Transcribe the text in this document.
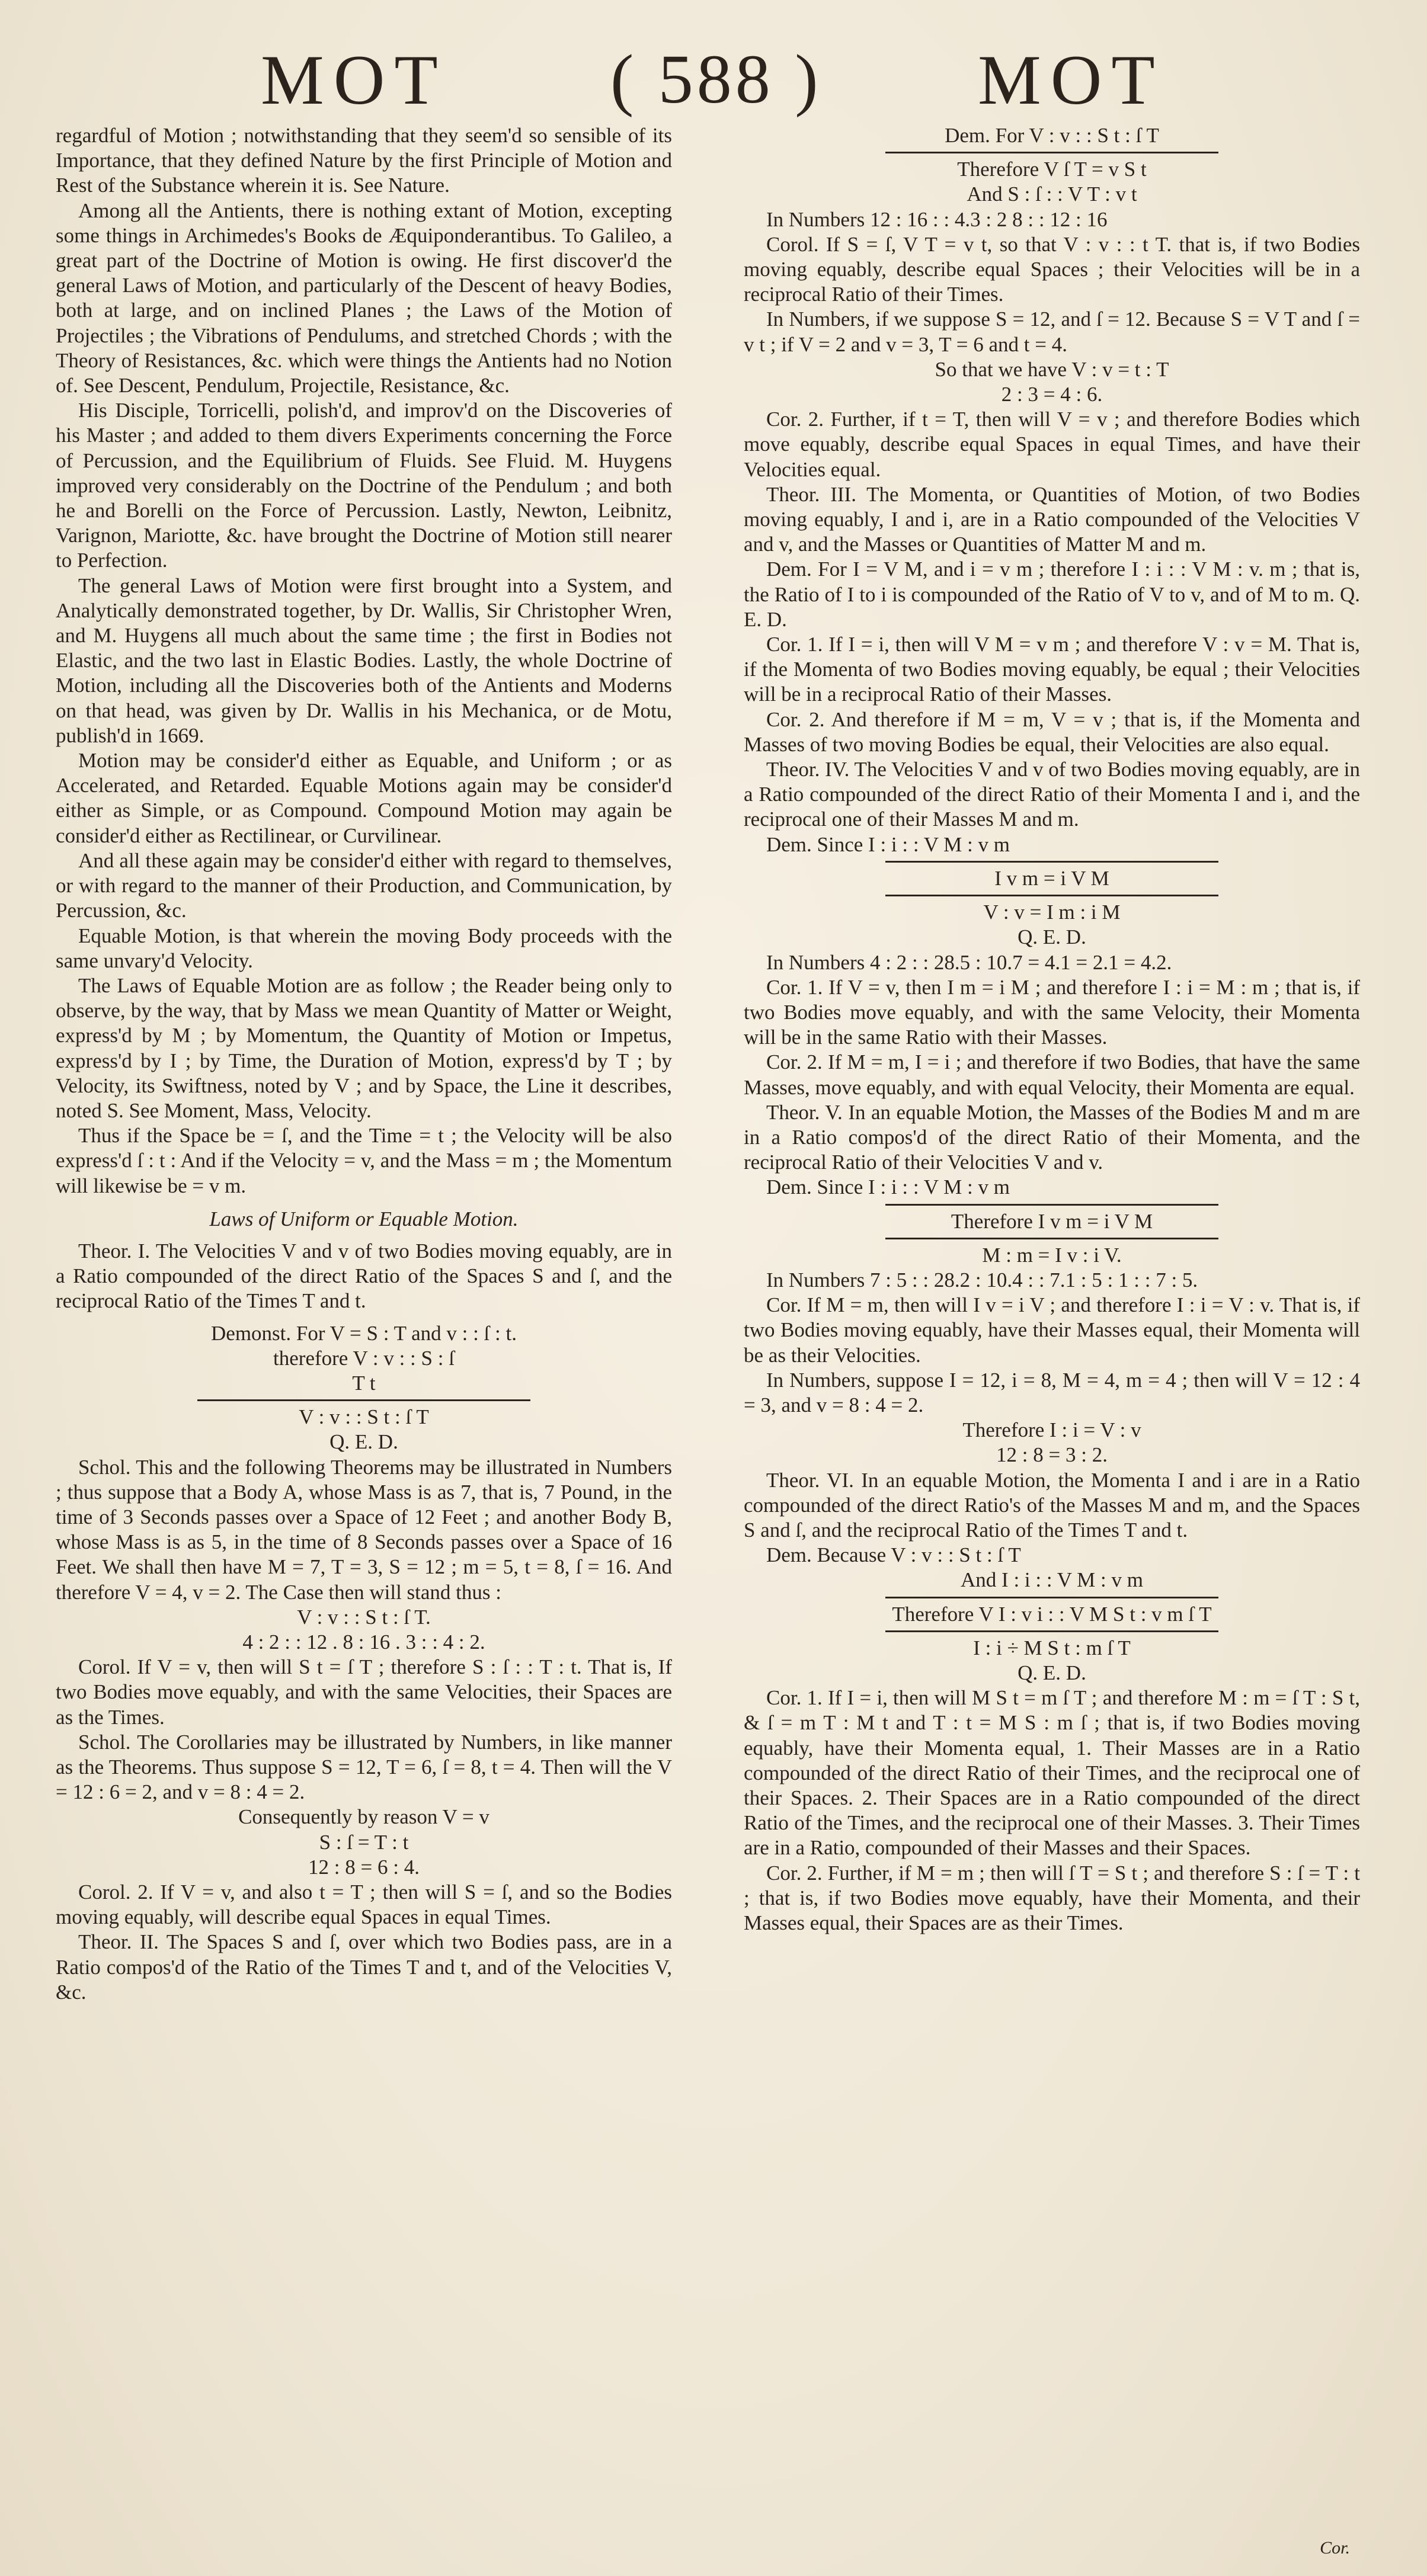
MOT ( 588 ) MOT

regardful of Motion ; notwithstanding that they seem'd so sensible of its Importance, that they defined Nature by the first Principle of Motion and Rest of the Substance wherein it is. See Nature.

Among all the Antients, there is nothing extant of Motion, excepting some things in Archimedes's Books de Æquiponderantibus. To Galileo, a great part of the Doctrine of Motion is owing. He first discover'd the general Laws of Motion, and particularly of the Descent of heavy Bodies, both at large, and on inclined Planes ; the Laws of the Motion of Projectiles ; the Vibrations of Pendulums, and stretched Chords ; with the Theory of Resistances, &c. which were things the Antients had no Notion of. See Descent, Pendulum, Projectile, Resistance, &c.

His Disciple, Torricelli, polish'd, and improv'd on the Discoveries of his Master ; and added to them divers Experiments concerning the Force of Percussion, and the Equilibrium of Fluids. See Fluid. M. Huygens improved very considerably on the Doctrine of the Pendulum ; and both he and Borelli on the Force of Percussion. Lastly, Newton, Leibnitz, Varignon, Mariotte, &c. have brought the Doctrine of Motion still nearer to Perfection.

The general Laws of Motion were first brought into a System, and Analytically demonstrated together, by Dr. Wallis, Sir Christopher Wren, and M. Huygens all much about the same time ; the first in Bodies not Elastic, and the two last in Elastic Bodies. Lastly, the whole Doctrine of Motion, including all the Discoveries both of the Antients and Moderns on that head, was given by Dr. Wallis in his Mechanica, or de Motu, publish'd in 1669.

Motion may be consider'd either as Equable, and Uniform ; or as Accelerated, and Retarded. Equable Motions again may be consider'd either as Simple, or as Compound. Compound Motion may again be consider'd either as Rectilinear, or Curvilinear.

And all these again may be consider'd either with regard to themselves, or with regard to the manner of their Production, and Communication, by Percussion, &c.

Equable Motion, is that wherein the moving Body proceeds with the same unvary'd Velocity.

The Laws of Equable Motion are as follow ; the Reader being only to observe, by the way, that by Mass we mean Quantity of Matter or Weight, express'd by M ; by Momentum, the Quantity of Motion or Impetus, express'd by I ; by Time, the Duration of Motion, express'd by T ; by Velocity, its Swiftness, noted by V ; and by Space, the Line it describes, noted S. See Moment, Mass, Velocity.

Thus if the Space be = ſ, and the Time = t ; the Velocity will be also express'd ſ : t : And if the Velocity = v, and the Mass = m ; the Momentum will likewise be = v m.

Laws of Uniform or Equable Motion.

Theor. I. The Velocities V and v of two Bodies moving equably, are in a Ratio compounded of the direct Ratio of the Spaces S and ſ, and the reciprocal Ratio of the Times T and t.

Demonst. For V = S : T and v : : ſ : t.

therefore V : v : : S : ſ

T t

V : v : : S t : ſ T

Q. E. D.

Schol. This and the following Theorems may be illustrated in Numbers ; thus suppose that a Body A, whose Mass is as 7, that is, 7 Pound, in the time of 3 Seconds passes over a Space of 12 Feet ; and another Body B, whose Mass is as 5, in the time of 8 Seconds passes over a Space of 16 Feet. We shall then have M = 7, T = 3, S = 12 ; m = 5, t = 8, ſ = 16. And therefore V = 4, v = 2. The Case then will stand thus :

V : v : : S t : ſ T.

4 : 2 : : 12 . 8 : 16 . 3 : : 4 : 2.

Corol. If V = v, then will S t = ſ T ; therefore S : ſ : : T : t. That is, If two Bodies move equably, and with the same Velocities, their Spaces are as the Times.

Schol. The Corollaries may be illustrated by Numbers, in like manner as the Theorems. Thus suppose S = 12, T = 6, ſ = 8, t = 4. Then will the V = 12 : 6 = 2, and v = 8 : 4 = 2.

Consequently by reason V = v

S : ſ = T : t

12 : 8 = 6 : 4.

Corol. 2. If V = v, and also t = T ; then will S = ſ, and so the Bodies moving equably, will describe equal Spaces in equal Times.

Theor. II. The Spaces S and ſ, over which two Bodies pass, are in a Ratio compos'd of the Ratio of the Times T and t, and of the Velocities V, &c.

Dem. For V : v : : S t : ſ T

Therefore V ſ T = v S t

And S : ſ : : V T : v t

In Numbers 12 : 16 : : 4.3 : 2 8 : : 12 : 16

Corol. If S = ſ, V T = v t, so that V : v : : t T. that is, if two Bodies moving equably, describe equal Spaces ; their Velocities will be in a reciprocal Ratio of their Times.

In Numbers, if we suppose S = 12, and ſ = 12. Because S = V T and ſ = v t ; if V = 2 and v = 3, T = 6 and t = 4.

So that we have V : v = t : T

2 : 3 = 4 : 6.

Cor. 2. Further, if t = T, then will V = v ; and therefore Bodies which move equably, describe equal Spaces in equal Times, and have their Velocities equal.

Theor. III. The Momenta, or Quantities of Motion, of two Bodies moving equably, I and i, are in a Ratio compounded of the Velocities V and v, and the Masses or Quantities of Matter M and m.

Dem. For I = V M, and i = v m ; therefore I : i : : V M : v. m ; that is, the Ratio of I to i is compounded of the Ratio of V to v, and of M to m. Q. E. D.

Cor. 1. If I = i, then will V M = v m ; and therefore V : v = M. That is, if the Momenta of two Bodies moving equably, be equal ; their Velocities will be in a reciprocal Ratio of their Masses.

Cor. 2. And therefore if M = m, V = v ; that is, if the Momenta and Masses of two moving Bodies be equal, their Velocities are also equal.

Theor. IV. The Velocities V and v of two Bodies moving equably, are in a Ratio compounded of the direct Ratio of their Momenta I and i, and the reciprocal one of their Masses M and m.

Dem. Since I : i : : V M : v m

I v m = i V M

V : v = I m : i M

Q. E. D.

In Numbers 4 : 2 : : 28.5 : 10.7 = 4.1 = 2.1 = 4.2.

Cor. 1. If V = v, then I m = i M ; and therefore I : i = M : m ; that is, if two Bodies move equably, and with the same Velocity, their Momenta will be in the same Ratio with their Masses.

Cor. 2. If M = m, I = i ; and therefore if two Bodies, that have the same Masses, move equably, and with equal Velocity, their Momenta are equal.

Theor. V. In an equable Motion, the Masses of the Bodies M and m are in a Ratio compos'd of the direct Ratio of their Momenta, and the reciprocal Ratio of their Velocities V and v.

Dem. Since I : i : : V M : v m

Therefore I v m = i V M

M : m = I v : i V.

In Numbers 7 : 5 : : 28.2 : 10.4 : : 7.1 : 5 : 1 : : 7 : 5.

Cor. If M = m, then will I v = i V ; and therefore I : i = V : v. That is, if two Bodies moving equably, have their Masses equal, their Momenta will be as their Velocities.

In Numbers, suppose I = 12, i = 8, M = 4, m = 4 ; then will V = 12 : 4 = 3, and v = 8 : 4 = 2.

Therefore I : i = V : v

12 : 8 = 3 : 2.

Theor. VI. In an equable Motion, the Momenta I and i are in a Ratio compounded of the direct Ratio's of the Masses M and m, and the Spaces S and ſ, and the reciprocal Ratio of the Times T and t.

Dem. Because V : v : : S t : ſ T

And I : i : : V M : v m

Therefore V I : v i : : V M S t : v m ſ T

I : i ÷ M S t : m ſ T

Q. E. D.

Cor. 1. If I = i, then will M S t = m ſ T ; and therefore M : m = ſ T : S t, & ſ = m T : M t and T : t = M S : m ſ ; that is, if two Bodies moving equably, have their Momenta equal, 1. Their Masses are in a Ratio compounded of the direct Ratio of their Times, and the reciprocal one of their Spaces. 2. Their Spaces are in a Ratio compounded of the direct Ratio of the Times, and the reciprocal one of their Masses. 3. Their Times are in a Ratio, compounded of their Masses and their Spaces.

Cor. 2. Further, if M = m ; then will ſ T = S t ; and therefore S : ſ = T : t ; that is, if two Bodies move equably, have their Momenta, and their Masses equal, their Spaces are as their Times.

Cor.
